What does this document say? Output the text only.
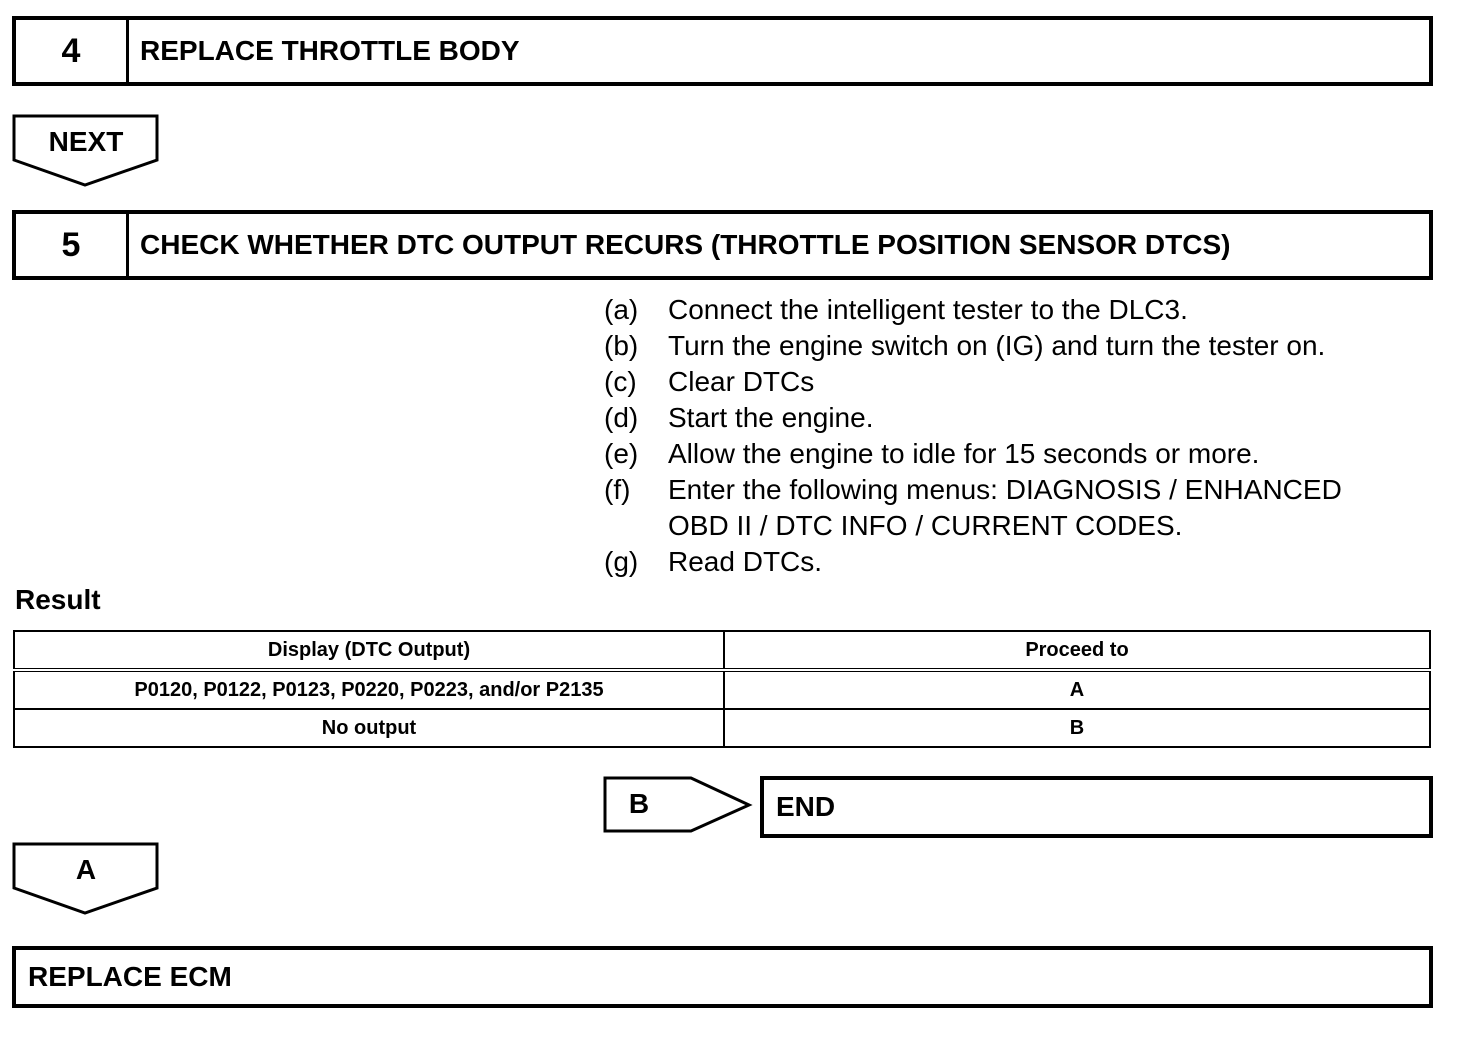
4	REPLACE THROTTLE BODY
NEXT
5	CHECK WHETHER DTC OUTPUT RECURS (THROTTLE POSITION SENSOR DTCS)
(a) Connect the intelligent tester to the DLC3.
(b) Turn the engine switch on (IG) and turn the tester on.
(c) Clear DTCs
(d) Start the engine.
(e) Allow the engine to idle for 15 seconds or more.
(f) Enter the following menus: DIAGNOSIS / ENHANCED
OBD II / DTC INFO / CURRENT CODES.
(g) Read DTCs.
Result
Display (DTC Output)	Proceed to
P0120, P0122, P0123, P0220, P0223, and/or P2135	A
No output	B
B	END
A
REPLACE ECM
